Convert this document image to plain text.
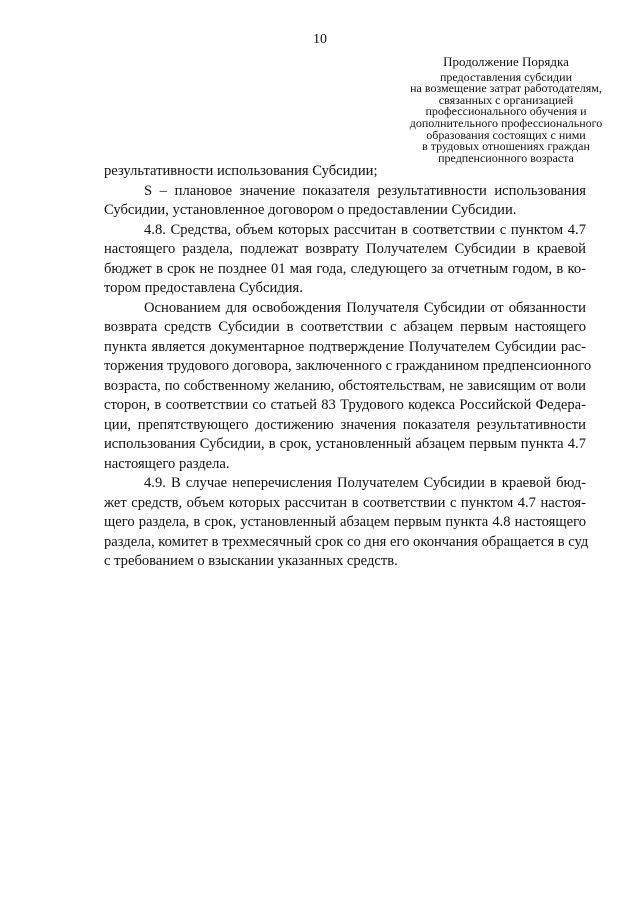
10
Продолжение Порядка
предоставления субсидии
на возмещение затрат работодателям,
связанных с организацией
профессионального обучения и
дополнительного профессионального
образования состоящих с ними
в трудовых отношениях граждан
предпенсионного возраста
результативности использования Субсидии;
S – плановое значение показателя результативности использования
Субсидии, установленное договором о предоставлении Субсидии.
4.8. Средства, объем которых рассчитан в соответствии с пунктом 4.7
настоящего раздела, подлежат возврату Получателем Субсидии в краевой
бюджет в срок не позднее 01 мая года, следующего за отчетным годом, в ко-
тором предоставлена Субсидия.
Основанием для освобождения Получателя Субсидии от обязанности
возврата средств Субсидии в соответствии с абзацем первым настоящего
пункта является документарное подтверждение Получателем Субсидии рас-
торжения трудового договора, заключенного с гражданином предпенсионного
возраста, по собственному желанию, обстоятельствам, не зависящим от воли
сторон, в соответствии со статьей 83 Трудового кодекса Российской Федера-
ции, препятствующего достижению значения показателя результативности
использования Субсидии, в срок, установленный абзацем первым пункта 4.7
настоящего раздела.
4.9. В случае неперечисления Получателем Субсидии в краевой бюд-
жет средств, объем которых рассчитан в соответствии с пунктом 4.7 настоя-
щего раздела, в срок, установленный абзацем первым пункта 4.8 настоящего
раздела, комитет в трехмесячный срок со дня его окончания обращается в суд
с требованием о взыскании указанных средств.
